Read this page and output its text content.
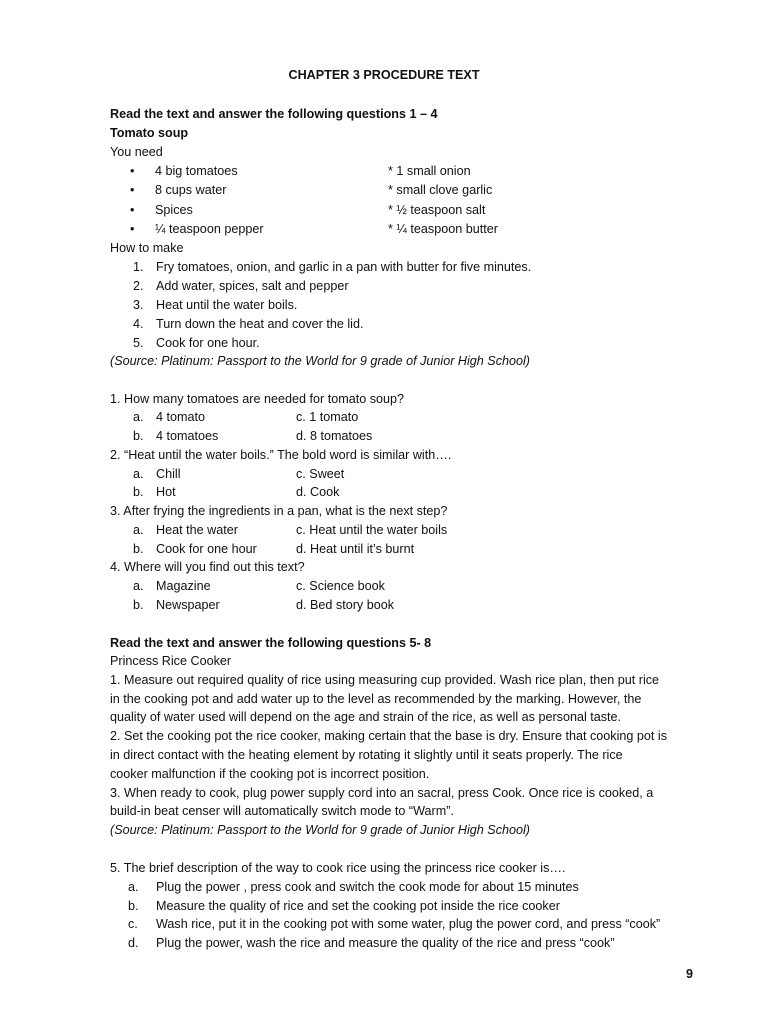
CHAPTER 3 PROCEDURE TEXT
Read the text and answer the following questions 1 – 4
Tomato soup
You need
• 4 big tomatoes	* 1 small onion
• 8 cups water	* small clove garlic
• Spices	* ½ teaspoon salt
• ¼ teaspoon pepper	* ¼ teaspoon butter
How to make
1. Fry tomatoes, onion, and garlic in a pan with butter for five minutes.
2. Add water, spices, salt and pepper
3. Heat until the water boils.
4. Turn down the heat and cover the lid.
5. Cook for one hour.
(Source: Platinum: Passport to the World for 9 grade of Junior High School)
1. How many tomatoes are needed for tomato soup?
a. 4 tomato	c. 1 tomato
b. 4 tomatoes	d. 8 tomatoes
2. “Heat until the water boils.” The bold word is similar with….
a. Chill	c. Sweet
b. Hot	d. Cook
3. After frying the ingredients in a pan, what is the next step?
a. Heat the water	c. Heat until the water boils
b. Cook for one hour	d. Heat until it’s burnt
4. Where will you find out this text?
a. Magazine	c. Science book
b. Newspaper	d. Bed story book
Read the text and answer the following questions 5- 8
Princess Rice Cooker
1. Measure out required quality of rice using measuring cup provided. Wash rice plan, then put rice
in the cooking pot and add water up to the level as recommended by the marking. However, the
quality of water used will depend on the age and strain of the rice, as well as personal taste.
2. Set the cooking pot the rice cooker, making certain that the base is dry. Ensure that cooking pot is
in direct contact with the heating element by rotating it slightly until it seats properly. The rice
cooker malfunction if the cooking pot is incorrect position.
3. When ready to cook, plug power supply cord into an sacral, press Cook. Once rice is cooked, a
build-in beat censer will automatically switch mode to “Warm”.
(Source: Platinum: Passport to the World for 9 grade of Junior High School)
5. The brief description of the way to cook rice using the princess rice cooker is….
a. Plug the power , press cook and switch the cook mode for about 15 minutes
b. Measure the quality of rice and set the cooking pot inside the rice cooker
c. Wash rice, put it in the cooking pot with some water, plug the power cord, and press “cook”
d. Plug the power, wash the rice and measure the quality of the rice and press “cook”
9
